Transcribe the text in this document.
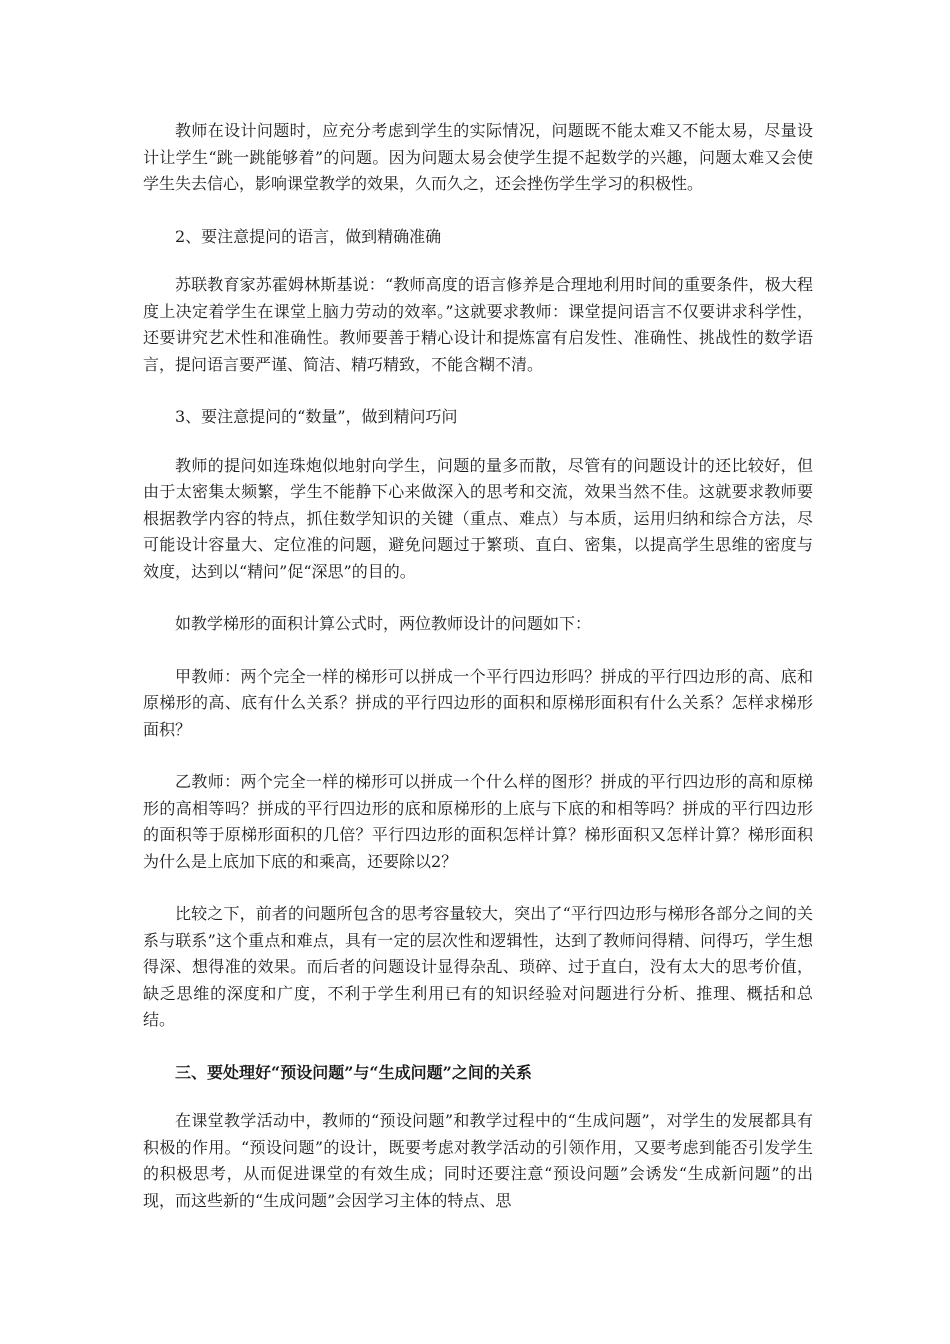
教师在设计问题时，应充分考虑到学生的实际情况，问题既不能太难又不能太易，尽量设计让学生“跳一跳能够着”的问题。因为问题太易会使学生提不起数学的兴趣，问题太难又会使学生失去信心，影响课堂教学的效果，久而久之，还会挫伤学生学习的积极性。

2、要注意提问的语言，做到精确准确

苏联教育家苏霍姆林斯基说：“教师高度的语言修养是合理地利用时间的重要条件，极大程度上决定着学生在课堂上脑力劳动的效率。”这就要求教师：课堂提问语言不仅要讲求科学性，还要讲究艺术性和准确性。教师要善于精心设计和提炼富有启发性、准确性、挑战性的数学语言，提问语言要严谨、简洁、精巧精致，不能含糊不清。

3、要注意提问的“数量”，做到精问巧问

教师的提问如连珠炮似地射向学生，问题的量多而散，尽管有的问题设计的还比较好，但由于太密集太频繁，学生不能静下心来做深入的思考和交流，效果当然不佳。这就要求教师要根据教学内容的特点，抓住数学知识的关键（重点、难点）与本质，运用归纳和综合方法，尽可能设计容量大、定位准的问题，避免问题过于繁琐、直白、密集，以提高学生思维的密度与效度，达到以“精问”促“深思”的目的。

如教学梯形的面积计算公式时，两位教师设计的问题如下：

甲教师：两个完全一样的梯形可以拼成一个平行四边形吗？拼成的平行四边形的高、底和原梯形的高、底有什么关系？拼成的平行四边形的面积和原梯形面积有什么关系？怎样求梯形面积？

乙教师：两个完全一样的梯形可以拼成一个什么样的图形？拼成的平行四边形的高和原梯形的高相等吗？拼成的平行四边形的底和原梯形的上底与下底的和相等吗？拼成的平行四边形的面积等于原梯形面积的几倍？平行四边形的面积怎样计算？梯形面积又怎样计算？梯形面积为什么是上底加下底的和乘高，还要除以2？

比较之下，前者的问题所包含的思考容量较大，突出了“平行四边形与梯形各部分之间的关系与联系”这个重点和难点，具有一定的层次性和逻辑性，达到了教师问得精、问得巧，学生想得深、想得准的效果。而后者的问题设计显得杂乱、琐碎、过于直白，没有太大的思考价值，缺乏思维的深度和广度，不利于学生利用已有的知识经验对问题进行分析、推理、概括和总结。

三、要处理好“预设问题”与“生成问题”之间的关系

在课堂教学活动中，教师的“预设问题”和教学过程中的“生成问题”，对学生的发展都具有积极的作用。“预设问题”的设计，既要考虑对教学活动的引领作用，又要考虑到能否引发学生的积极思考，从而促进课堂的有效生成；同时还要注意“预设问题”会诱发“生成新问题”的出现，而这些新的“生成问题”会因学习主体的特点、思
